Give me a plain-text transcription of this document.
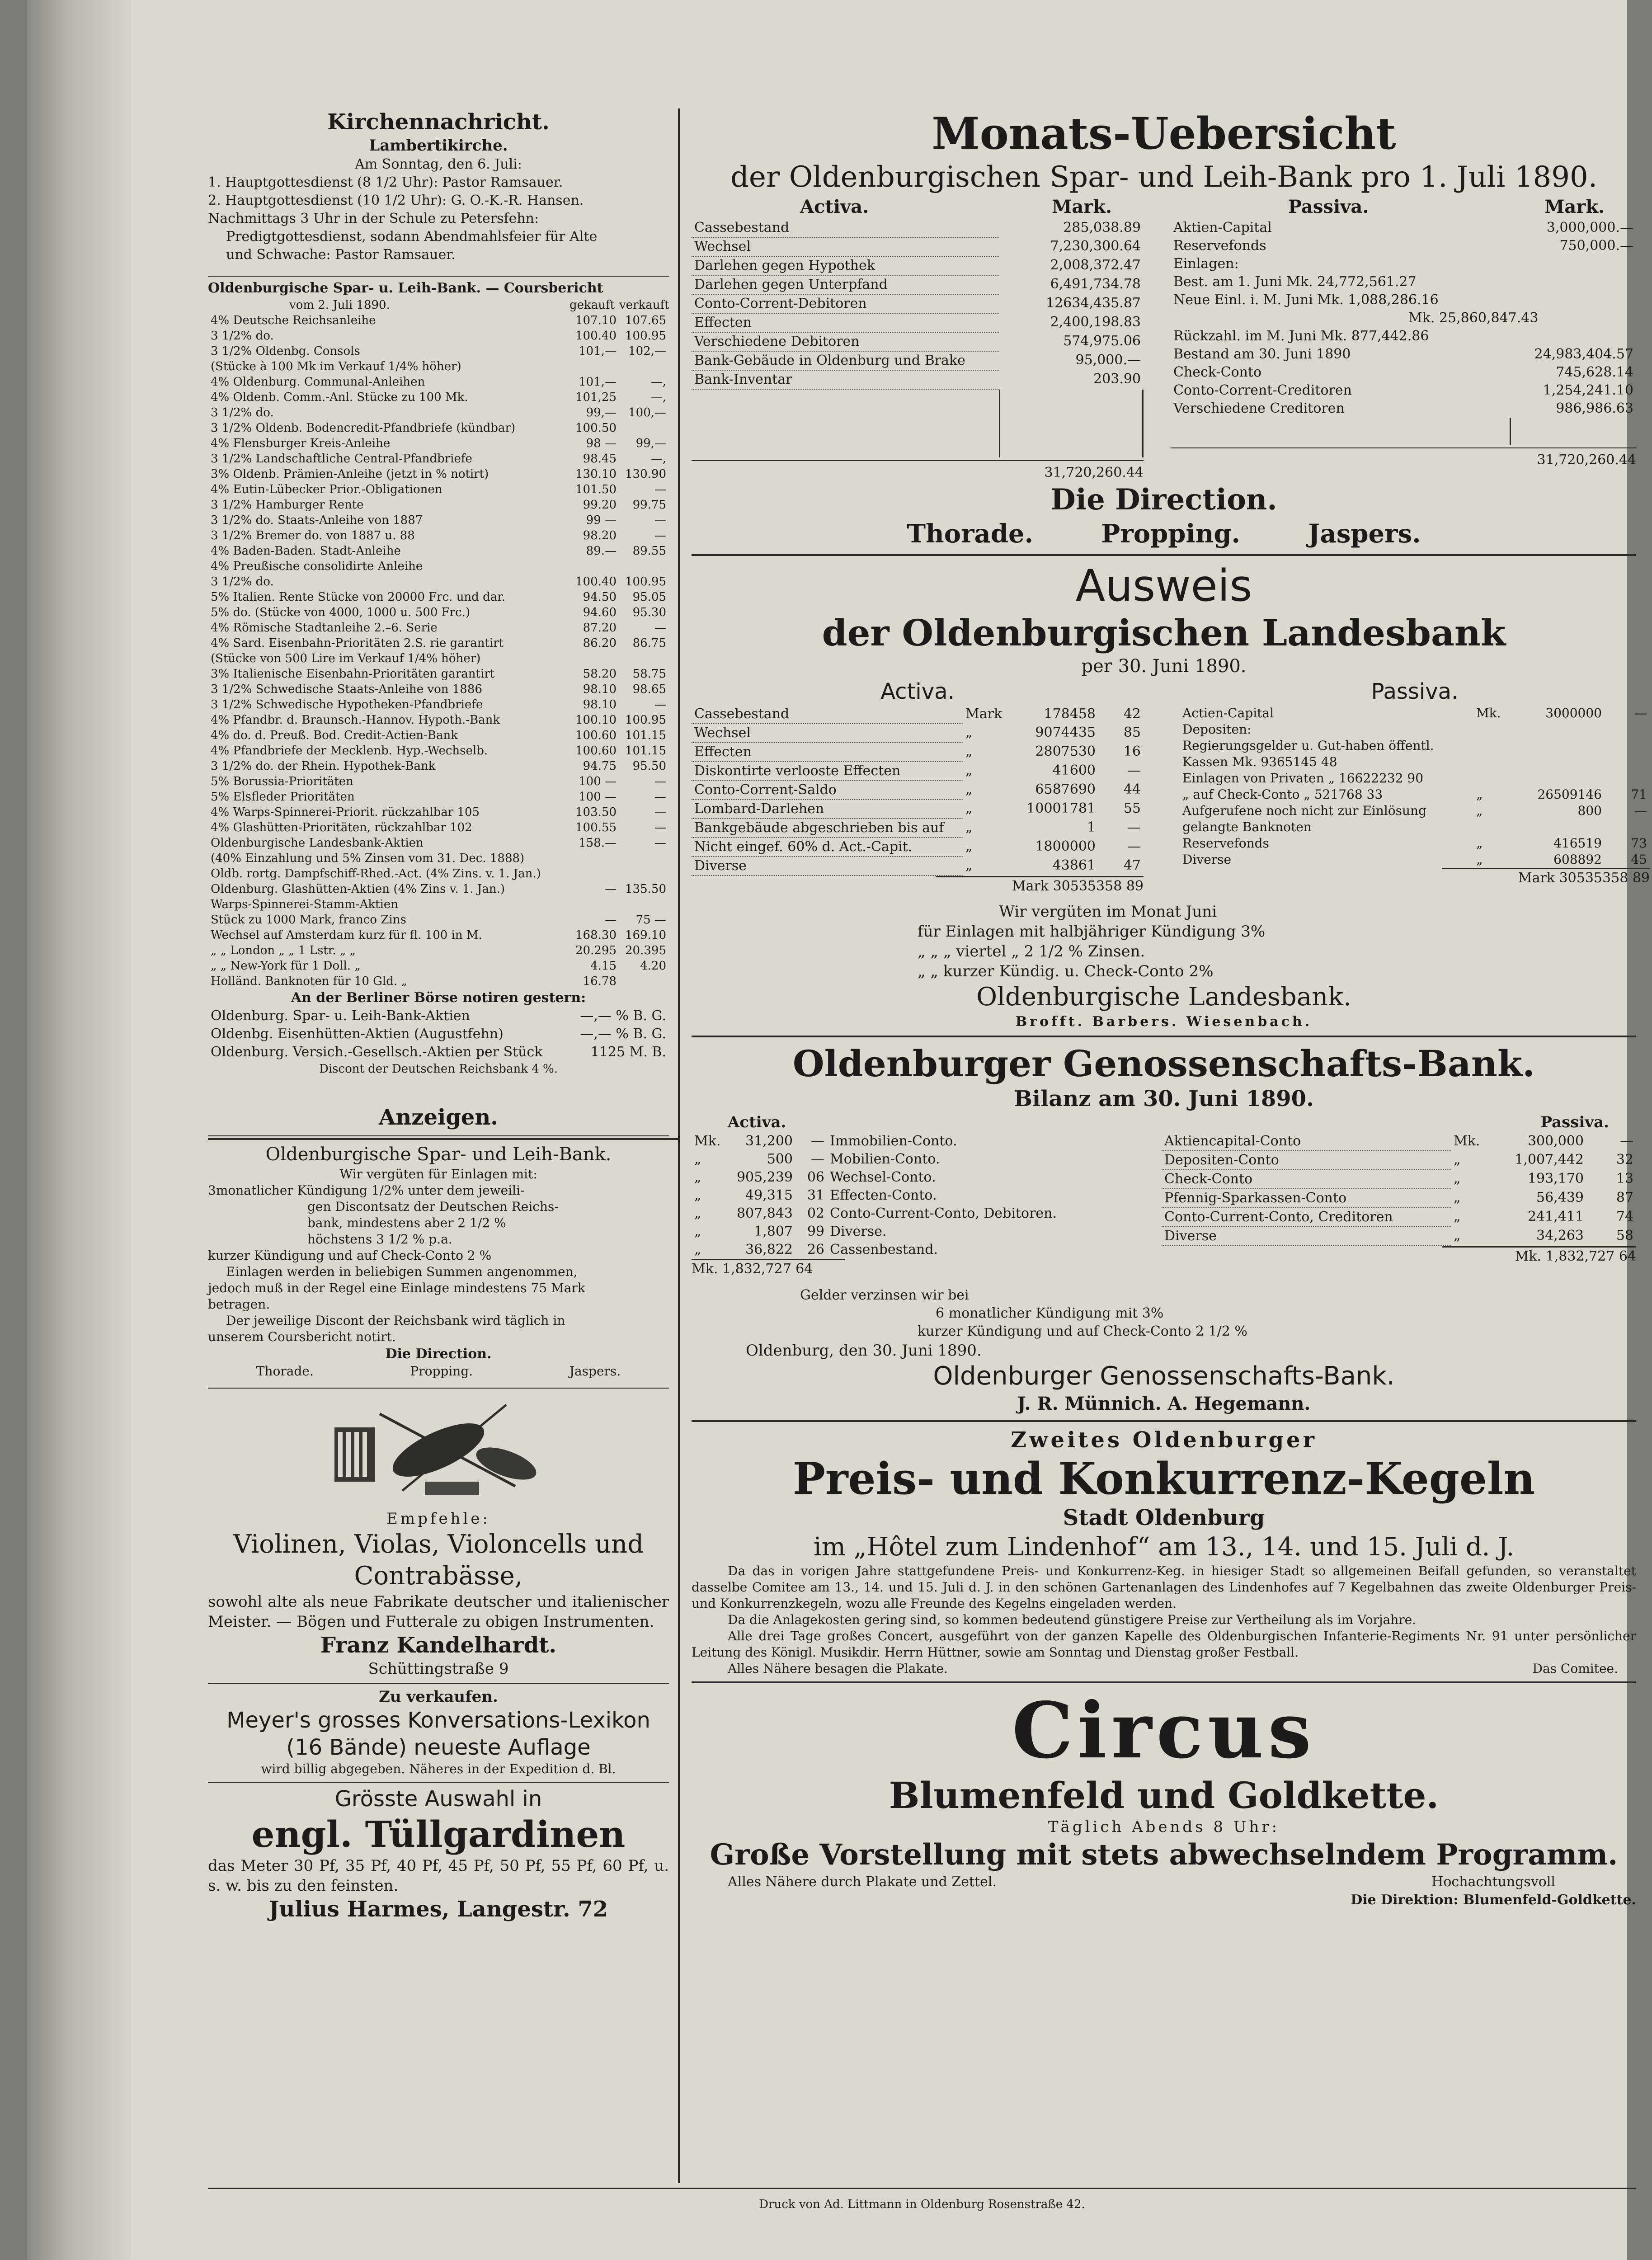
Kirchennachricht.
Lambertikirche.
Am Sonntag, den 6. Juli:
1. Hauptgottesdienst (8 1/2 Uhr): Pastor Ramsauer.
2. Hauptgottesdienst (10 1/2 Uhr): G. O.-K.-R. Hansen.
Nachmittags 3 Uhr in der Schule zu Petersfehn:
Predigtgottesdienst, sodann Abendmahlsfeier für Alte
und Schwache: Pastor Ramsauer.
Oldenburgische Spar- u. Leih-Bank. — Coursbericht
vom 2. Juli 1890.	gekauft verkauft
4% Deutsche Reichsanleihe	107.10	107.65
3 1/2% do.	100.40	100.95
3 1/2% Oldenbg. Consols	101,—	102,—
(Stücke à 100 Mk im Verkauf 1/4% höher)		
4% Oldenburg. Communal-Anleihen	101,—	—,
4% Oldenb. Comm.-Anl. Stücke zu 100 Mk.	101,25	—,
3 1/2% do.	99,—	100,—
3 1/2% Oldenb. Bodencredit-Pfandbriefe (kündbar)	100.50	
4% Flensburger Kreis-Anleihe	98 —	99,—
3 1/2% Landschaftliche Central-Pfandbriefe	98.45	—,
3% Oldenb. Prämien-Anleihe (jetzt in % notirt)	130.10	130.90
4% Eutin-Lübecker Prior.-Obligationen	101.50	—
3 1/2% Hamburger Rente	99.20	99.75
3 1/2% do. Staats-Anleihe von 1887	99 —	—
3 1/2% Bremer do. von 1887 u. 88	98.20	—
4% Baden-Baden. Stadt-Anleihe	89.—	89.55
4% Preußische consolidirte Anleihe		
3 1/2% do.	100.40	100.95
5% Italien. Rente Stücke von 20000 Frc. und dar.	94.50	95.05
5% do. (Stücke von 4000, 1000 u. 500 Frc.)	94.60	95.30
4% Römische Stadtanleihe 2.–6. Serie	87.20	—
4% Sard. Eisenbahn-Prioritäten 2.S. rie garantirt	86.20	86.75
(Stücke von 500 Lire im Verkauf 1/4% höher)		
3% Italienische Eisenbahn-Prioritäten garantirt	58.20	58.75
3 1/2% Schwedische Staats-Anleihe von 1886	98.10	98.65
3 1/2% Schwedische Hypotheken-Pfandbriefe	98.10	—
4% Pfandbr. d. Braunsch.-Hannov. Hypoth.-Bank	100.10	100.95
4% do. d. Preuß. Bod. Credit-Actien-Bank	100.60	101.15
4% Pfandbriefe der Mecklenb. Hyp.-Wechselb.	100.60	101.15
3 1/2% do. der Rhein. Hypothek-Bank	94.75	95.50
5% Borussia-Prioritäten	100 —	—
5% Elsfleder Prioritäten	100 —	—
4% Warps-Spinnerei-Priorit. rückzahlbar 105	103.50	—
4% Glashütten-Prioritäten, rückzahlbar 102	100.55	—
Oldenburgische Landesbank-Aktien	158.—	—
(40% Einzahlung und 5% Zinsen vom 31. Dec. 1888)		
Oldb. rortg. Dampfschiff-Rhed.-Act. (4% Zins. v. 1. Jan.)		
Oldenburg. Glashütten-Aktien (4% Zins v. 1. Jan.)	—	135.50
Warps-Spinnerei-Stamm-Aktien		
Stück zu 1000 Mark, franco Zins	—	75 —
Wechsel auf Amsterdam kurz für fl. 100 in M.	168.30	169.10
„ „ London „ „ 1 Lstr. „ „	20.295	20.395
„ „ New-York für 1 Doll. „	4.15	4.20
Holländ. Banknoten für 10 Gld. „	16.78	
An der Berliner Börse notiren gestern:
Oldenburg. Spar- u. Leih-Bank-Aktien	—,— % B. G.
Oldenbg. Eisenhütten-Aktien (Augustfehn)	—,— % B. G.
Oldenburg. Versich.-Gesellsch.-Aktien per Stück	1125 M. B.
Discont der Deutschen Reichsbank 4 %.
Anzeigen.
Oldenburgische Spar- und Leih-Bank.
Wir vergüten für Einlagen mit:
3monatlicher Kündigung 1/2% unter dem jeweili-
gen Discontsatz der Deutschen Reichs-
bank, mindestens aber 2 1/2 %
höchstens 3 1/2 % p.a.
kurzer Kündigung und auf Check-Conto 2 %
Einlagen werden in beliebigen Summen angenommen,
jedoch muß in der Regel eine Einlage mindestens 75 Mark
betragen.
Der jeweilige Discont der Reichsbank wird täglich in
unserem Coursbericht notirt.
Die Direction.
Thorade.	Propping.	Jaspers.
Empfehle:
Violinen, Violas, Violoncells und Contrabässe,
sowohl alte als neue Fabrikate deutscher und italienischer Meister. — Bögen und Futterale zu obigen Instrumenten.
Franz Kandelhardt.
Schüttingstraße 9
Zu verkaufen.
Meyer's grosses Konversations-Lexikon (16 Bände) neueste Auflage
wird billig abgegeben. Näheres in der Expedition d. Bl.
Grösste Auswahl in
engl. Tüllgardinen
das Meter 30 Pf, 35 Pf, 40 Pf, 45 Pf, 50 Pf, 55 Pf, 60 Pf, u. s. w. bis zu den feinsten.
Julius Harmes, Langestr. 72
Monats-Uebersicht
der Oldenburgischen Spar- und Leih-Bank pro 1. Juli 1890.
Activa.	Mark.
Cassebestand	285,038.89
Wechsel	7,230,300.64
Darlehen gegen Hypothek	2,008,372.47
Darlehen gegen Unterpfand	6,491,734.78
Conto-Corrent-Debitoren	12634,435.87
Effecten	2,400,198.83
Verschiedene Debitoren	574,975.06
Bank-Gebäude in Oldenburg und Brake	95,000.—
Bank-Inventar	203.90
31,720,260.44
Passiva.	Mark.
Aktien-Capital		3,000,000.—
Reservefonds		750,000.—
Einlagen:		
Best. am 1. Juni Mk. 24,772,561.27		
Neue Einl. i. M. Juni Mk. 1,088,286.16		
	Mk. 25,860,847.43	
Rückzahl. im M. Juni Mk. 877,442.86		
Bestand am 30. Juni 1890		24,983,404.57
Check-Conto		745,628.14
Conto-Corrent-Creditoren		1,254,241.10
Verschiedene Creditoren		986,986.63
31,720,260.44
Die Direction.
Thorade.	Propping.	Jaspers.
Ausweis
der Oldenburgischen Landesbank
per 30. Juni 1890.
Activa.
Cassebestand	Mark	178458	42
Wechsel	„	9074435	85
Effecten	„	2807530	16
Diskontirte verlooste Effecten	„	41600	—
Conto-Corrent-Saldo	„	6587690	44
Lombard-Darlehen	„	10001781	55
Bankgebäude abgeschrieben bis auf	„	1	—
Nicht eingef. 60% d. Act.-Capit.	„	1800000	—
Diverse	„	43861	47
Mark 30535358 89
Passiva.
Actien-Capital	Mk.	3000000	—
Depositen:			
Regierungsgelder u. Gut-haben öffentl. Kassen Mk. 9365145 48			
Einlagen von Privaten „ 16622232 90			
„ auf Check-Conto „ 521768 33	„	26509146	71
Aufgerufene noch nicht zur Einlösung gelangte Banknoten	„	800	—
Reservefonds	„	416519	73
Diverse	„	608892	45
Mark 30535358 89
Wir vergüten im Monat Juni
für Einlagen mit halbjähriger Kündigung 3%
„ „ „ viertel „ 2 1/2 % Zinsen.
„ „ kurzer Kündig. u. Check-Conto 2%
Oldenburgische Landesbank.
Brofft. Barbers. Wiesenbach.
Oldenburger Genossenschafts-Bank.
Bilanz am 30. Juni 1890.
Activa.
Mk.	31,200	—	Immobilien-Conto.
„	500	—	Mobilien-Conto.
„	905,239	06	Wechsel-Conto.
„	49,315	31	Effecten-Conto.
„	807,843	02	Conto-Current-Conto, Debitoren.
„	1,807	99	Diverse.
„	36,822	26	Cassenbestand.
Mk. 1,832,727 64
Passiva.
Aktiencapital-Conto	Mk.	300,000	—
Depositen-Conto	„	1,007,442	32
Check-Conto	„	193,170	13
Pfennig-Sparkassen-Conto	„	56,439	87
Conto-Current-Conto, Creditoren	„	241,411	74
Diverse	„	34,263	58
Mk. 1,832,727 64
Gelder verzinsen wir bei
6 monatlicher Kündigung mit 3%
kurzer Kündigung und auf Check-Conto 2 1/2 %
Oldenburg, den 30. Juni 1890.
Oldenburger Genossenschafts-Bank.
J. R. Münnich. A. Hegemann.
Zweites Oldenburger
Preis- und Konkurrenz-Kegeln
Stadt Oldenburg
im „Hôtel zum Lindenhof“ am 13., 14. und 15. Juli d. J.
Da das in vorigen Jahre stattgefundene Preis- und Konkurrenz-Keg. in hiesiger Stadt so allgemeinen Beifall gefunden, so veranstaltet dasselbe Comitee am 13., 14. und 15. Juli d. J. in den schönen Gartenanlagen des Lindenhofes auf 7 Kegelbahnen das zweite Oldenburger Preis- und Konkurrenzkegeln, wozu alle Freunde des Kegelns eingeladen werden.
Da die Anlagekosten gering sind, so kommen bedeutend günstigere Preise zur Vertheilung als im Vorjahre.
Alle drei Tage großes Concert, ausgeführt von der ganzen Kapelle des Oldenburgischen Infanterie-Regiments Nr. 91 unter persönlicher Leitung des Königl. Musikdir. Herrn Hüttner, sowie am Sonntag und Dienstag großer Festball.
Alles Nähere besagen die Plakate.	Das Comitee.
Circus
Blumenfeld und Goldkette.
Täglich Abends 8 Uhr:
Große Vorstellung mit stets abwechselndem Programm.
Alles Nähere durch Plakate und Zettel.	Hochachtungsvoll
Die Direktion: Blumenfeld-Goldkette.
Druck von Ad. Littmann in Oldenburg Rosenstraße 42.
